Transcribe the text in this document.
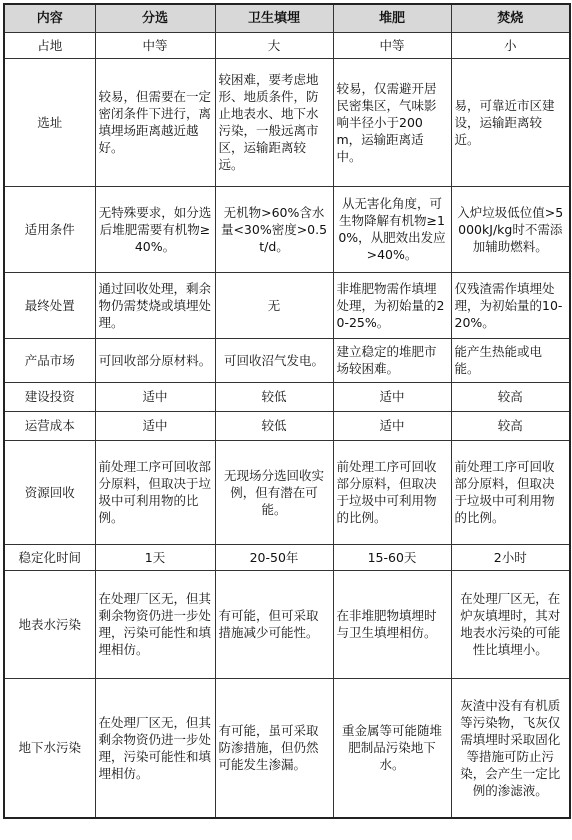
内容	分选	卫生填埋	堆肥	焚烧
占地	中等	大	中等	小
选址	较易，但需要在一定密闭条件下进行，离填埋场距离越近越好。	较困难，要考虑地形、地质条件，防止地表水、地下水污染，一般远离市区，运输距离较远。	较易，仅需避开居民密集区，气味影响半径小于200m，运输距离适中。	易，可靠近市区建设，运输距离较近。
适用条件	无特殊要求，如分选后堆肥需要有机物≥40%。	无机物>60%含水量<30%密度>0.5t/d。	从无害化角度，可生物降解有机物≥10%，从肥效出发应>40%。	入炉垃圾低位值>5000kJ/kg时不需添加辅助燃料。
最终处置	通过回收处理，剩余物仍需焚烧或填埋处理。	无	非堆肥物需作填埋处理，为初始量的20-25%。	仅残渣需作填埋处理，为初始量的10-20%。
产品市场	可回收部分原材料。	可回收沼气发电。	建立稳定的堆肥市场较困难。	能产生热能或电能。
建设投资	适中	较低	适中	较高
运营成本	适中	较低	适中	较高
资源回收	前处理工序可回收部分原料，但取决于垃圾中可利用物的比例。	无现场分选回收实例，但有潜在可能。	前处理工序可回收部分原料，但取决于垃圾中可利用物的比例。	前处理工序可回收部分原料，但取决于垃圾中可利用物的比例。
稳定化时间	1天	20-50年	15-60天	2小时
地表水污染	在处理厂区无，但其剩余物资仍进一步处理，污染可能性和填埋相仿。	有可能，但可采取措施减少可能性。	在非堆肥物填埋时与卫生填埋相仿。	在处理厂区无，在炉灰填埋时，其对地表水污染的可能性比填埋小。
地下水污染	在处理厂区无，但其剩余物资仍进一步处理，污染可能性和填埋相仿。	有可能，虽可采取防渗措施，但仍然可能发生渗漏。	重金属等可能随堆肥制品污染地下水。	灰渣中没有有机质等污染物，飞灰仅需填埋时采取固化等措施可防止污染，会产生一定比例的渗滤液。
